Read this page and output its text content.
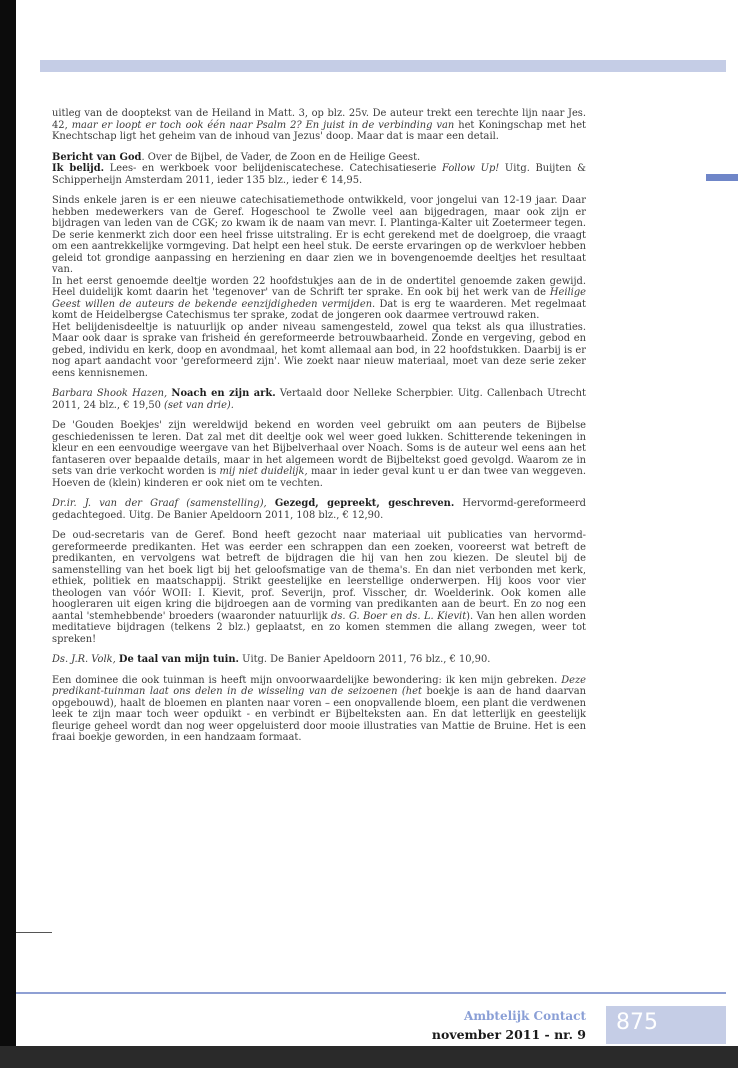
uitleg van de dooptekst van de Heiland in Matt. 3, op blz. 25v. De auteur trekt een terechte lijn naar Jes. 42, maar er loopt er toch ook één naar Psalm 2? En juist in de verbinding van het Koningschap met het Knechtschap ligt het geheim van de inhoud van Jezus' doop. Maar dat is maar een detail.

Bericht van God. Over de Bijbel, de Vader, de Zoon en de Heilige Geest.

Ik belijd. Lees- en werkboek voor belijdeniscatechese. Catechisatieserie Follow Up! Uitg. Buijten & Schipperheijn Amsterdam 2011, ieder 135 blz., ieder € 14,95.

Sinds enkele jaren is er een nieuwe catechisatiemethode ontwikkeld, voor jongelui van 12-19 jaar. Daar hebben medewerkers van de Geref. Hogeschool te Zwolle veel aan bijgedragen, maar ook zijn er bijdragen van leden van de CGK; zo kwam ik de naam van mevr. I. Plantinga-Kalter uit Zoetermeer tegen. De serie kenmerkt zich door een heel frisse uitstraling. Er is echt gerekend met de doelgroep, die vraagt om een aantrekkelijke vormgeving. Dat helpt een heel stuk. De eerste ervaringen op de werkvloer hebben geleid tot grondige aanpassing en herziening en daar zien we in bovengenoemde deeltjes het resultaat van.

In het eerst genoemde deeltje worden 22 hoofdstukjes aan de in de ondertitel genoemde zaken gewijd. Heel duidelijk komt daarin het 'tegenover' van de Schrift ter sprake. En ook bij het werk van de Heilige Geest willen de auteurs de bekende eenzijdigheden vermijden. Dat is erg te waarderen. Met regelmaat komt de Heidelbergse Catechismus ter sprake, zodat de jongeren ook daarmee vertrouwd raken.

Het belijdenisdeeltje is natuurlijk op ander niveau samengesteld, zowel qua tekst als qua illustraties. Maar ook daar is sprake van frisheid én gereformeerde betrouwbaarheid. Zonde en vergeving, gebod en gebed, individu en kerk, doop en avondmaal, het komt allemaal aan bod, in 22 hoofdstukken. Daarbij is er nog apart aandacht voor 'gereformeerd zijn'. Wie zoekt naar nieuw materiaal, moet van deze serie zeker eens kennisnemen.

Barbara Shook Hazen, Noach en zijn ark. Vertaald door Nelleke Scherpbier. Uitg. Callenbach Utrecht 2011, 24 blz., € 19,50 (set van drie).

De 'Gouden Boekjes' zijn wereldwijd bekend en worden veel gebruikt om aan peuters de Bijbelse geschiedenissen te leren. Dat zal met dit deeltje ook wel weer goed lukken. Schitterende tekeningen in kleur en een eenvoudige weergave van het Bijbelverhaal over Noach. Soms is de auteur wel eens aan het fantaseren over bepaalde details, maar in het algemeen wordt de Bijbeltekst goed gevolgd. Waarom ze in sets van drie verkocht worden is mij niet duidelijk, maar in ieder geval kunt u er dan twee van weggeven. Hoeven de (klein) kinderen er ook niet om te vechten.

Dr.ir. J. van der Graaf (samenstelling), Gezegd, gepreekt, geschreven. Hervormd-gereformeerd gedachtegoed. Uitg. De Banier Apeldoorn 2011, 108 blz., € 12,90.

De oud-secretaris van de Geref. Bond heeft gezocht naar materiaal uit publicaties van hervormd-gereformeerde predikanten. Het was eerder een schrappen dan een zoeken, vooreerst wat betreft de predikanten, en vervolgens wat betreft de bijdragen die hij van hen zou kiezen. De sleutel bij de samenstelling van het boek ligt bij het geloofsmatige van de thema's. En dan niet verbonden met kerk, ethiek, politiek en maatschappij. Strikt geestelijke en leerstellige onderwerpen. Hij koos voor vier theologen van vóór WOII: I. Kievit, prof. Severijn, prof. Visscher, dr. Woelderink. Ook komen alle hoogleraren uit eigen kring die bijdroegen aan de vorming van predikanten aan de beurt. En zo nog een aantal 'stemhebbende' broeders (waaronder natuurlijk ds. G. Boer en ds. L. Kievit). Van hen allen worden meditatieve bijdragen (telkens 2 blz.) geplaatst, en zo komen stemmen die allang zwegen, weer tot spreken!

Ds. J.R. Volk, De taal van mijn tuin. Uitg. De Banier Apeldoorn 2011, 76 blz., € 10,90.

Een dominee die ook tuinman is heeft mijn onvoorwaardelijke bewondering: ik ken mijn gebreken. Deze predikant-tuinman laat ons delen in de wisseling van de seizoenen (het boekje is aan de hand daarvan opgebouwd), haalt de bloemen en planten naar voren – een onopvallende bloem, een plant die verdwenen leek te zijn maar toch weer opduikt - en verbindt er Bijbelteksten aan. En dat letterlijk en geestelijk fleurige geheel wordt dan nog weer opgeluisterd door mooie illustraties van Mattie de Bruine. Het is een fraai boekje geworden, in een handzaam formaat.

Ambtelijk Contact
november 2011 - nr. 9 875
